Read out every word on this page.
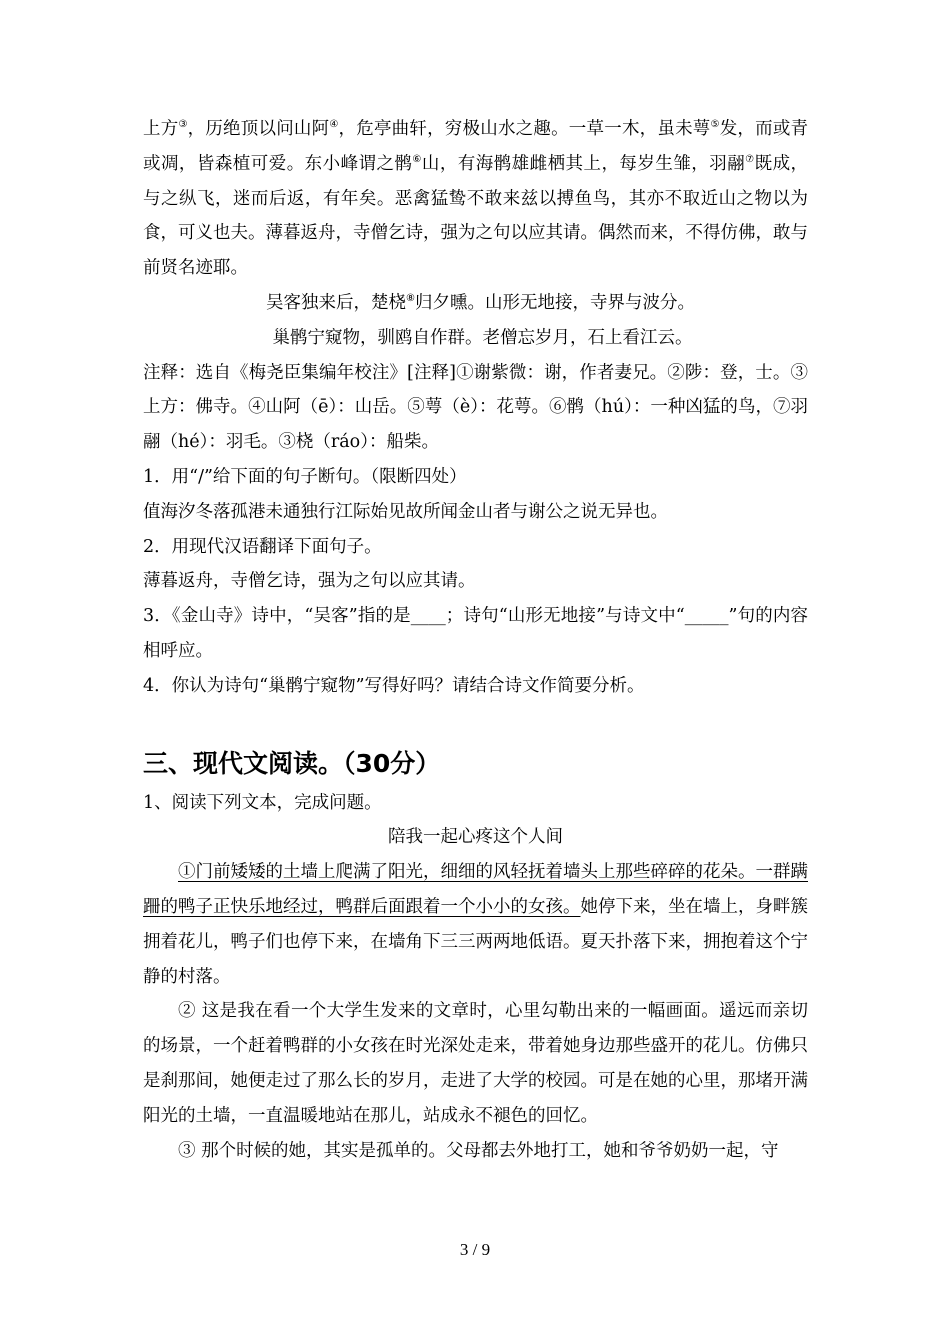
上方③，历绝顶以问山阿④，危亭曲轩，穷极山水之趣。一草一木，虽未萼⑤发，而或青或凋，皆森植可爱。东小峰谓之鹘⑥山，有海鹘雄雌栖其上，每岁生雏，羽翮⑦既成，与之纵飞，迷而后返，有年矣。恶禽猛鸷不敢来兹以搏鱼鸟，其亦不取近山之物以为食，可义也夫。薄暮返舟，寺僧乞诗，强为之句以应其请。偶然而来，不得仿佛，敢与前贤名迹耶。

吴客独来后，楚桡⑧归夕曛。山形无地接，寺界与波分。

巢鹘宁窥物，驯鸥自作群。老僧忘岁月，石上看江云。

注释：选自《梅尧臣集编年校注》[注释]①谢紫微：谢，作者妻兄。②陟：登，士。③上方：佛寺。④山阿（ē）：山岳。⑤萼（è）：花萼。⑥鹘（hú）：一种凶猛的鸟，⑦羽翮（hé）：羽毛。③桡（ráo）：船柴。

1．用“/”给下面的句子断句。（限断四处）

值海汐冬落孤港未通独行江际始见故所闻金山者与谢公之说无异也。

2．用现代汉语翻译下面句子。

薄暮返舟，寺僧乞诗，强为之句以应其请。

3．《金山寺》诗中，“吴客”指的是____；诗句“山形无地接”与诗文中“_____”句的内容相呼应。

4．你认为诗句“巢鹘宁窥物”写得好吗？请结合诗文作简要分析。

三、现代文阅读。（30分）

1、阅读下列文本，完成问题。

陪我一起心疼这个人间

①门前矮矮的土墙上爬满了阳光，细细的风轻抚着墙头上那些碎碎的花朵。一群蹒跚的鸭子正快乐地经过，鸭群后面跟着一个小小的女孩。她停下来，坐在墙上，身畔簇拥着花儿，鸭子们也停下来，在墙角下三三两两地低语。夏天扑落下来，拥抱着这个宁静的村落。

② 这是我在看一个大学生发来的文章时，心里勾勒出来的一幅画面。遥远而亲切的场景，一个赶着鸭群的小女孩在时光深处走来，带着她身边那些盛开的花儿。仿佛只是刹那间，她便走过了那么长的岁月，走进了大学的校园。可是在她的心里，那堵开满阳光的土墙，一直温暖地站在那儿，站成永不褪色的回忆。

③ 那个时候的她，其实是孤单的。父母都去外地打工，她和爷爷奶奶一起，守

3 / 9
